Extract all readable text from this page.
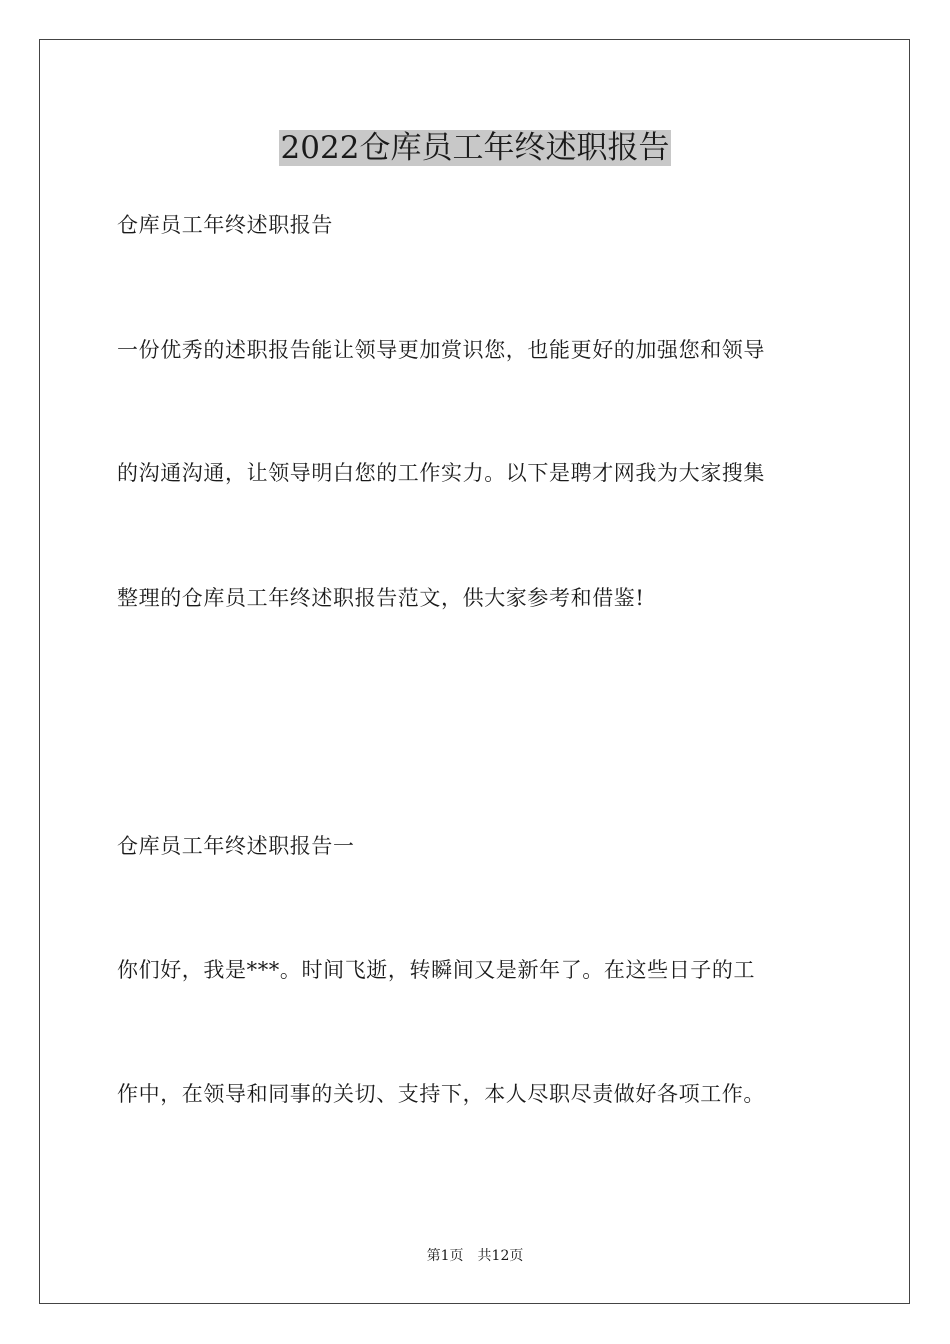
2022仓库员工年终述职报告

仓库员工年终述职报告

一份优秀的述职报告能让领导更加赏识您，也能更好的加强您和领导

的沟通沟通，让领导明白您的工作实力。以下是聘才网我为大家搜集

整理的仓库员工年终述职报告范文，供大家参考和借鉴!

仓库员工年终述职报告一

你们好，我是***。时间飞逝，转瞬间又是新年了。在这些日子的工

作中，在领导和同事的关切、支持下，本人尽职尽责做好各项工作。

第1页 共12页
